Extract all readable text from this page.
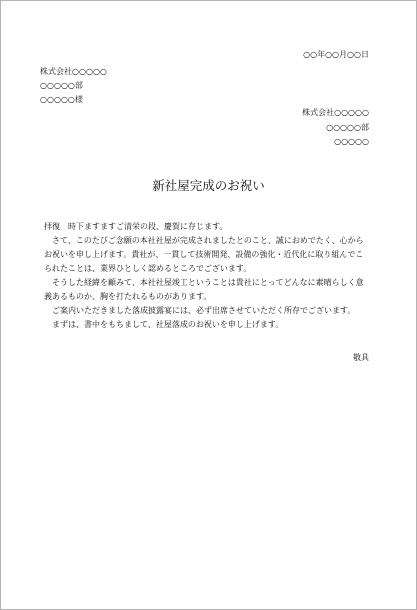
○○年○○月○○日
株式会社○○○○○
○○○○○部
○○○○○様
株式会社○○○○○
○○○○○部
○○○○○
新社屋完成のお祝い

拝復　時下ますますご清栄の段、慶賀に存じます。

さて、このたびご念願の本社社屋が完成されましたとのこと、誠におめでたく、心から

お祝いを申し上げます。貴社が、一貫して技術開発、設備の強化・近代化に取り組んでこ

られたことは、業界ひとしく認めるところでございます。

そうした経緯を顧みて、本社社屋竣工ということは貴社にとってどんなに素晴らしく意

義あるものか、胸を打たれるものがあります。

ご案内いただきました落成披露宴には、必ず出席させていただく所存でございます。

まずは、書中をもちまして、社屋落成のお祝いを申し上げます。

敬具
